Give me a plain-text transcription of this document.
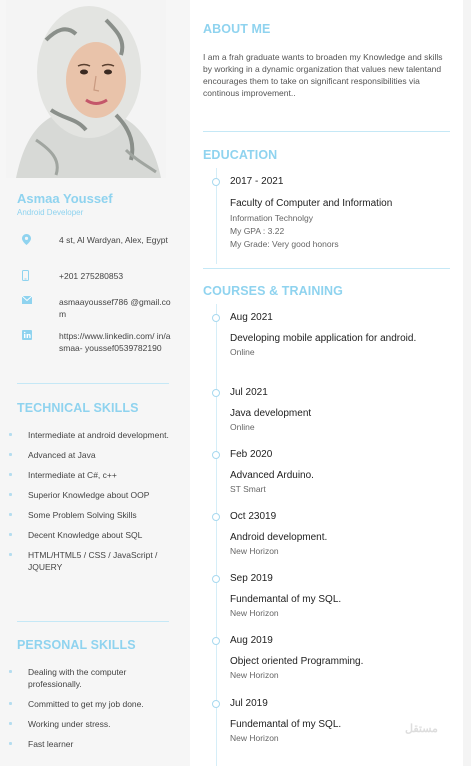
Asmaa Youssef
Android Developer
4 st, Al Wardyan, Alex, Egypt
+201 275280853
asmaayoussef786 @gmail.com
https://www.linkedin.com/ in/asmaa- youssef0539782190
TECHNICAL SKILLS
Intermediate at android development.
Advanced at Java
Intermediate at C#, c++
Superior Knowledge about OOP
Some Problem Solving Skills
Decent Knowledge about SQL
HTML/HTML5 / CSS / JavaScript / JQUERY
PERSONAL SKILLS
Dealing with the computer professionally.
Committed to get my job done.
Working under stress.
Fast learner
ABOUT ME
I am a frah graduate wants to broaden my Knowledge and skills by working in a dynamic organization that values new talentand encourages them to take on significant responsibilities via continous improvement..
EDUCATION
2017 - 2021
Faculty of Computer and Information
Information Technolgy
My GPA : 3.22
My Grade: Very good honors
COURSES & TRAINING
Aug 2021
Developing mobile application for android.
Online
Jul 2021
Java development
Online
Feb 2020
Advanced Arduino.
ST Smart
Oct 23019
Android development.
New Horizon
Sep 2019
Fundemantal of my SQL.
New Horizon
Aug 2019
Object oriented Programming.
New Horizon
Jul 2019
Fundemantal of my SQL.
New Horizon
مستقل
